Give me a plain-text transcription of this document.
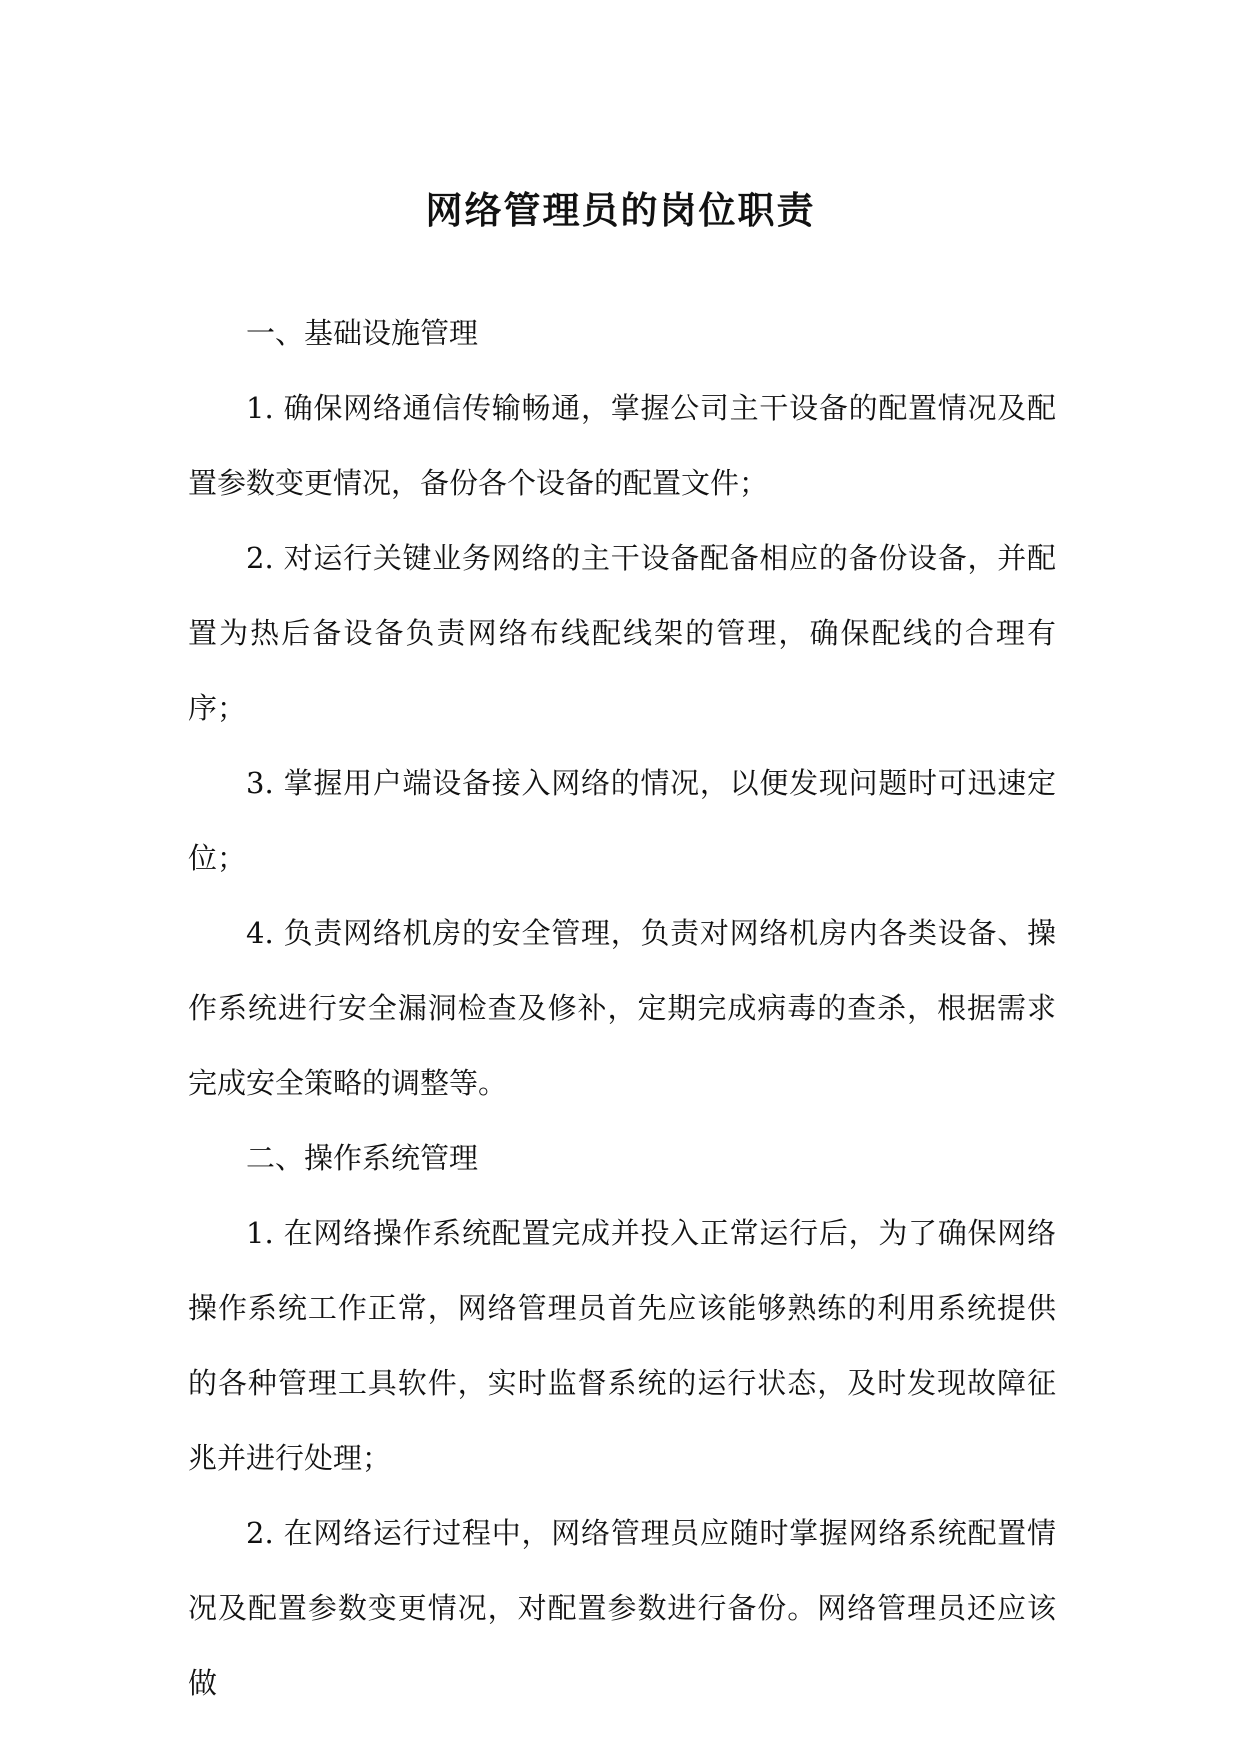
网络管理员的岗位职责

一、基础设施管理

1. 确保网络通信传输畅通，掌握公司主干设备的配置情况及配置参数变更情况，备份各个设备的配置文件；

2. 对运行关键业务网络的主干设备配备相应的备份设备，并配置为热后备设备负责网络布线配线架的管理，确保配线的合理有序；

3. 掌握用户端设备接入网络的情况，以便发现问题时可迅速定位；

4. 负责网络机房的安全管理，负责对网络机房内各类设备、操作系统进行安全漏洞检查及修补，定期完成病毒的查杀，根据需求完成安全策略的调整等。

二、操作系统管理

1. 在网络操作系统配置完成并投入正常运行后，为了确保网络操作系统工作正常，网络管理员首先应该能够熟练的利用系统提供的各种管理工具软件，实时监督系统的运行状态，及时发现故障征兆并进行处理；

2. 在网络运行过程中，网络管理员应随时掌握网络系统配置情况及配置参数变更情况，对配置参数进行备份。网络管理员还应该做
